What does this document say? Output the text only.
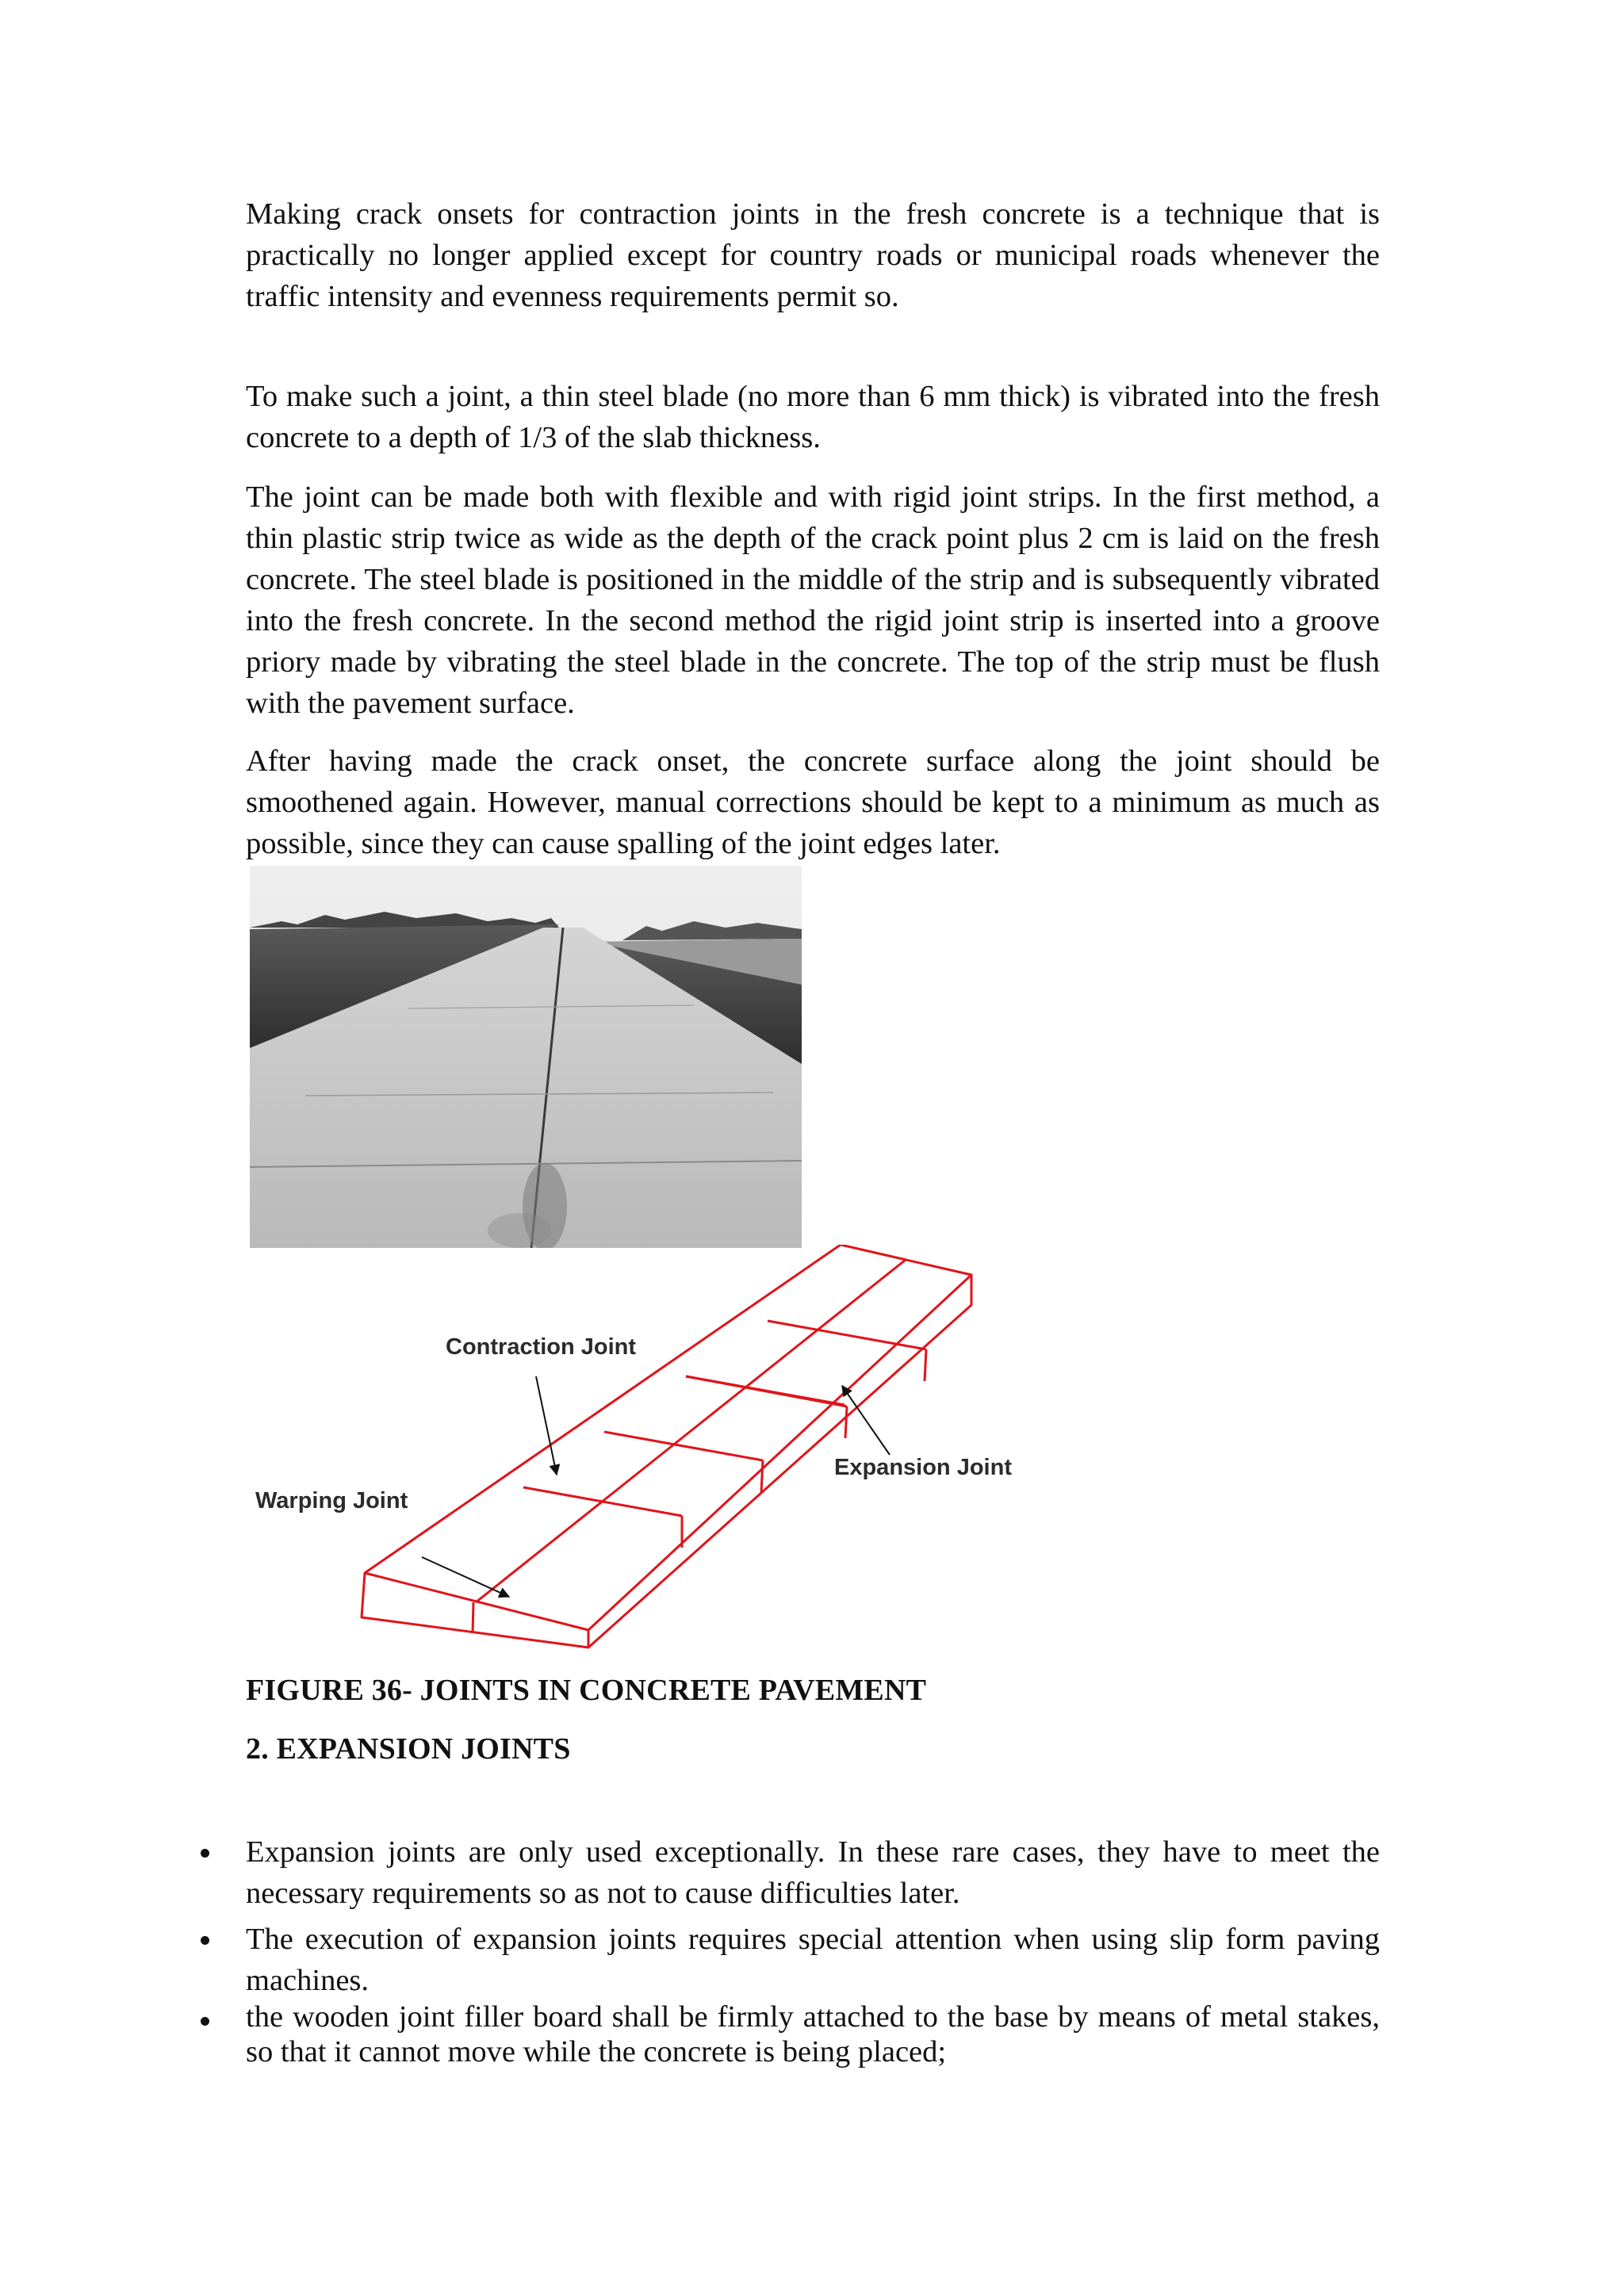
Making crack onsets for contraction joints in the fresh concrete is a technique that is practically no longer applied except for country roads or municipal roads whenever the traffic intensity and evenness requirements permit so.

To make such a joint, a thin steel blade (no more than 6 mm thick) is vibrated into the fresh concrete to a depth of 1/3 of the slab thickness.

The joint can be made both with flexible and with rigid joint strips. In the first method, a thin plastic strip twice as wide as the depth of the crack point plus 2 cm is laid on the fresh concrete. The steel blade is positioned in the middle of the strip and is subsequently vibrated into the fresh concrete. In the second method the rigid joint strip is inserted into a groove priory made by vibrating the steel blade in the concrete. The top of the strip must be flush with the pavement surface.

After having made the crack onset, the concrete surface along the joint should be smoothened again. However, manual corrections should be kept to a minimum as much as possible, since they can cause spalling of the joint edges later.

Contraction Joint
Expansion Joint
Warping Joint

FIGURE 36- JOINTS IN CONCRETE PAVEMENT

2. EXPANSION JOINTS

Expansion joints are only used exceptionally. In these rare cases, they have to meet the necessary requirements so as not to cause difficulties later.
The execution of expansion joints requires special attention when using slip form paving machines.
the wooden joint filler board shall be firmly attached to the base by means of metal stakes, so that it cannot move while the concrete is being placed;
